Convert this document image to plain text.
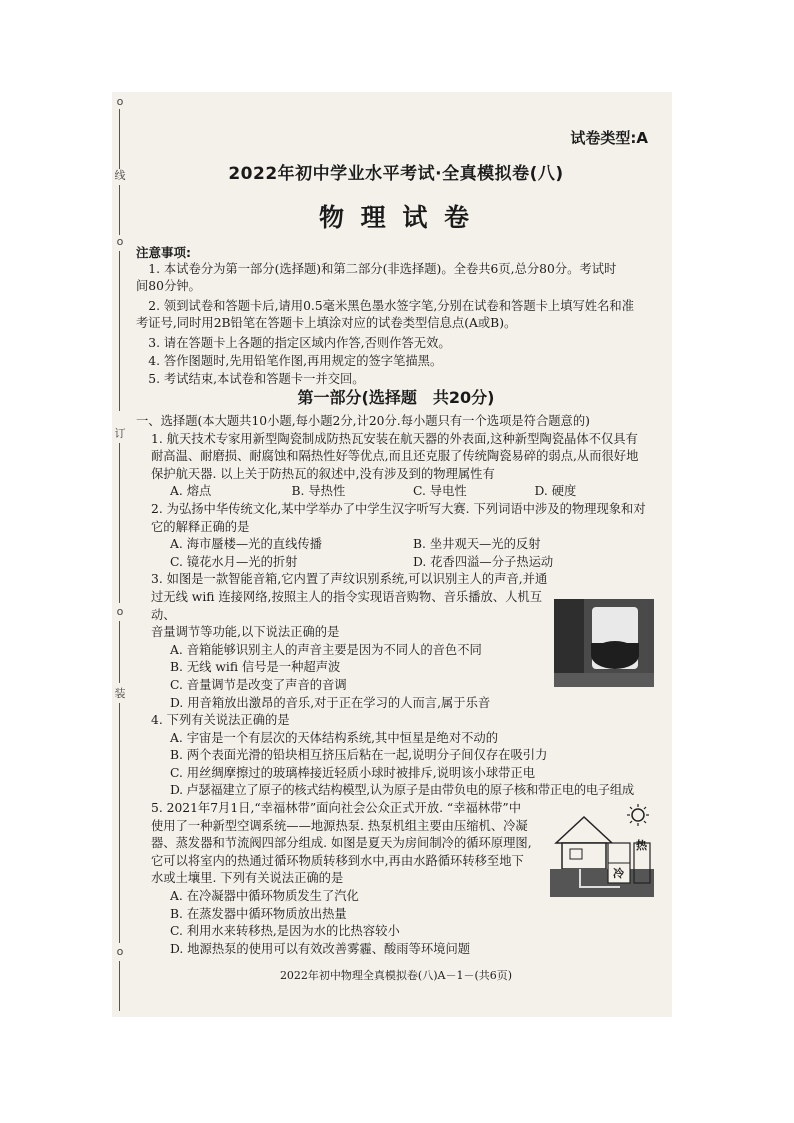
o
线
o
订
o
装
o
试卷类型:A
2022年初中学业水平考试·全真模拟卷(八)
物 理 试 卷
注意事项:
1. 本试卷分为第一部分(选择题)和第二部分(非选择题)。全卷共6页,总分80分。考试时
间80分钟。
2. 领到试卷和答题卡后,请用0.5毫米黑色墨水签字笔,分别在试卷和答题卡上填写姓名和准
考证号,同时用2B铅笔在答题卡上填涂对应的试卷类型信息点(A或B)。
3. 请在答题卡上各题的指定区域内作答,否则作答无效。
4. 答作图题时,先用铅笔作图,再用规定的签字笔描黑。
5. 考试结束,本试卷和答题卡一并交回。
第一部分(选择题　共20分)
一、选择题(本大题共10小题,每小题2分,计20分.每小题只有一个选项是符合题意的)
1. 航天技术专家用新型陶瓷制成防热瓦安装在航天器的外表面,这种新型陶瓷晶体不仅具有
耐高温、耐磨损、耐腐蚀和隔热性好等优点,而且还克服了传统陶瓷易碎的弱点,从而很好地
保护航天器. 以上关于防热瓦的叙述中,没有涉及到的物理属性有
A. 熔点	B. 导热性	C. 导电性	D. 硬度
2. 为弘扬中华传统文化,某中学举办了中学生汉字听写大赛. 下列词语中涉及的物理现象和对
它的解释正确的是
A. 海市蜃楼—光的直线传播	B. 坐井观天—光的反射
C. 镜花水月—光的折射	D. 花香四溢—分子热运动
3. 如图是一款智能音箱,它内置了声纹识别系统,可以识别主人的声音,并通
过无线 wifi 连接网络,按照主人的指令实现语音购物、音乐播放、人机互动、
音量调节等功能,以下说法正确的是
A. 音箱能够识别主人的声音主要是因为不同人的音色不同
B. 无线 wifi 信号是一种超声波
C. 音量调节是改变了声音的音调
D. 用音箱放出激昂的音乐,对于正在学习的人而言,属于乐音
4. 下列有关说法正确的是
A. 宇宙是一个有层次的天体结构系统,其中恒星是绝对不动的
B. 两个表面光滑的铅块相互挤压后粘在一起,说明分子间仅存在吸引力
C. 用丝绸摩擦过的玻璃棒接近轻质小球时被排斥,说明该小球带正电
D. 卢瑟福建立了原子的核式结构模型,认为原子是由带负电的原子核和带正电的电子组成
5. 2021年7月1日,“幸福林带”面向社会公众正式开放. “幸福林带”中
使用了一种新型空调系统——地源热泵. 热泵机组主要由压缩机、冷凝
器、蒸发器和节流阀四部分组成. 如图是夏天为房间制冷的循环原理图,
它可以将室内的热通过循环物质转移到水中,再由水路循环转移至地下
水或土壤里. 下列有关说法正确的是
A. 在冷凝器中循环物质发生了汽化
B. 在蒸发器中循环物质放出热量
C. 利用水来转移热,是因为水的比热容较小
D. 地源热泵的使用可以有效改善雾霾、酸雨等环境问题
热
冷
2022年初中物理全真模拟卷(八)A－1－(共6页)
